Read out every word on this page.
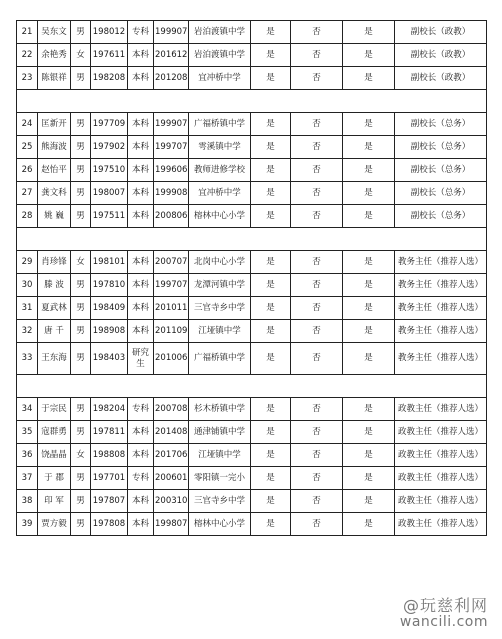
21	吴东文	男	198012	专科	199907	岩泊渡镇中学	是	否	是	副校长（政教）
22	余艳秀	女	197611	本科	201612	岩泊渡镇中学	是	否	是	副校长（政教）
23	陈银祥	男	198208	本科	201208	宜冲桥中学	是	否	是	副校长（政教）

24	匡新开	男	197709	本科	199907	广福桥镇中学	是	否	是	副校长（总务）
25	熊海波	男	197902	本科	199707	雩溪镇中学	是	否	是	副校长（总务）
26	赵怡平	男	197510	本科	199606	教师进修学校	是	否	是	副校长（总务）
27	龚文科	男	198007	本科	199908	宜冲桥中学	是	否	是	副校长（总务）
28	姚 巍	男	197511	本科	200806	榕林中心小学	是	否	是	副校长（总务）

29	肖珍锋	女	198101	本科	200707	北岗中心小学	是	否	是	教务主任（推荐人选）
30	滕 波	男	197810	本科	199707	龙潭河镇中学	是	否	是	教务主任（推荐人选）
31	夏武林	男	198409	本科	201011	三官寺乡中学	是	否	是	教务主任（推荐人选）
32	唐 千	男	198908	本科	201109	江垭镇中学	是	否	是	教务主任（推荐人选）
33	王东海	男	198403	研究生	201006	广福桥镇中学	是	否	是	教务主任（推荐人选）

34	于宗民	男	198204	专科	200708	杉木桥镇中学	是	否	是	政教主任（推荐人选）
35	寇群勇	男	197811	本科	201408	通津铺镇中学	是	否	是	政教主任（推荐人选）
36	饶晶晶	女	198808	本科	201706	江垭镇中学	是	否	是	政教主任（推荐人选）
37	于 郡	男	197701	专科	200601	零阳镇一完小	是	否	是	政教主任（推荐人选）
38	印 军	男	197807	本科	200310	三官寺乡中学	是	否	是	政教主任（推荐人选）
39	贾方毅	男	197808	本科	199807	榕林中心小学	是	否	是	政教主任（推荐人选）
@玩慈利网
wancili.com
